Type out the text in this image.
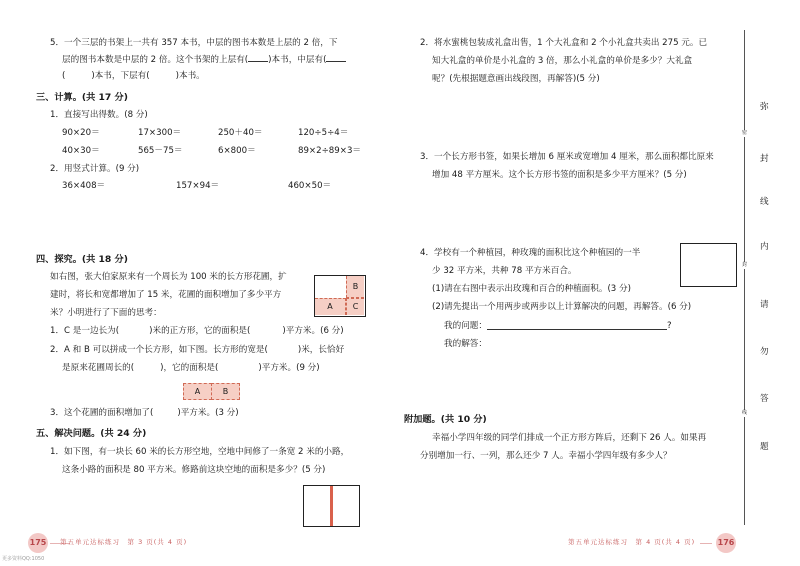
5．一个三层的书架上一共有 357 本书，中层的图书本数是上层的 2 倍，下
层的图书本数是中层的 2 倍。这个书架的上层有( )本书，中层有(
(	)本书，下层有(	)本书。
三、计算。(共 17 分)
1．直接写出得数。(8 分)
90×20＝	17×300＝	250＋40＝	120÷5÷4＝
40×30＝	565－75＝	6×800＝	89×2÷89×3＝
2．用竖式计算。(9 分)
36×408＝	157×94＝	460×50＝
四、探究。(共 18 分)
如右图，张大伯家原来有一个周长为 100 米的长方形花圃，扩
建时，将长和宽都增加了 15 米，花圃的面积增加了多少平方
米？小明进行了下面的思考：
B
A	C
1．C 是一边长为(	)米的正方形，它的面积是(	)平方米。(6 分)
2．A 和 B 可以拼成一个长方形，如下图。长方形的宽是(	)米，长恰好
是原来花圃周长的(	)，它的面积是(	)平方米。(9 分)
A	B
3．这个花圃的面积增加了(	)平方米。(3 分)
五、解决问题。(共 24 分)
1．如下图，有一块长 60 米的长方形空地，空地中间修了一条宽 2 米的小路，
这条小路的面积是 80 平方米。修路前这块空地的面积是多少？(5 分)
175 第五单元达标练习　第 3 页(共 4 页)
更多资料QQ:1050
2．将水蜜桃包装成礼盒出售，1 个大礼盒和 2 个小礼盒共卖出 275 元。已
知大礼盒的单价是小礼盒的 3 倍，那么小礼盒的单价是多少？大礼盒
呢？(先根据题意画出线段图，再解答)(5 分)
3．一个长方形书签，如果长增加 6 厘米或宽增加 4 厘米，那么面积都比原来
增加 48 平方厘米。这个长方形书签的面积是多少平方厘米？(5 分)
4．学校有一个种植园，种玫瑰的面积比这个种植园的一半
少 32 平方米，共种 78 平方米百合。
(1)请在右图中表示出玫瑰和百合的种植面积。(3 分)
(2)请先提出一个用两步或两步以上计算解决的问题，再解答。(6 分)
我的问题：	?
我的解答：
附加题。(共 10 分)
幸福小学四年级的同学们排成一个正方形方阵后，还剩下 26 人。如果再
分别增加一行、一列，那么还少 7 人。幸福小学四年级有多少人？
第五单元达标练习　第 4 页(共 4 页)	176
弥
封
线
内
请
勿
答
题
密
封
线
